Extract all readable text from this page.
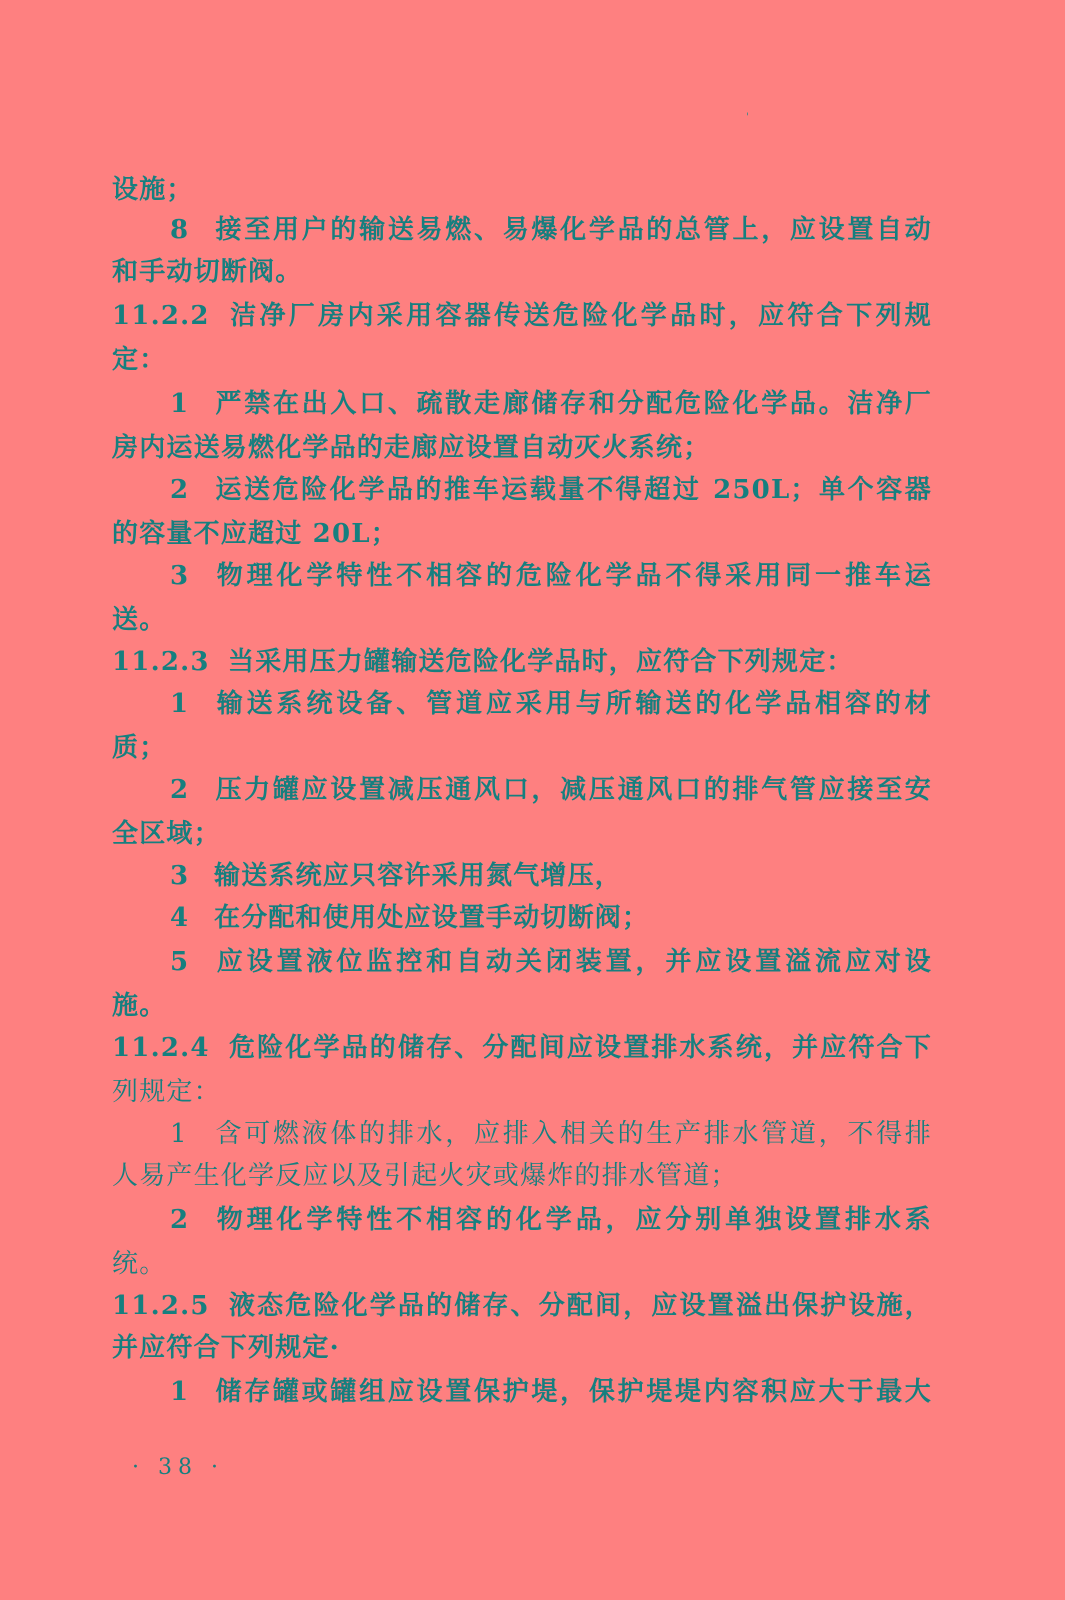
'
设施；
8 接至用户的输送易燃、易爆化学品的总管上，应设置自动
和手动切断阀。
11.2.2 洁净厂房内采用容器传送危险化学品时，应符合下列规
定：
1 严禁在出入口、疏散走廊储存和分配危险化学品。洁净厂
房内运送易燃化学品的走廊应设置自动灭火系统；
2 运送危险化学品的推车运载量不得超过 250L；单个容器
的容量不应超过 20L；
3 物理化学特性不相容的危险化学品不得采用同一推车运
送。
11.2.3 当采用压力罐输送危险化学品时，应符合下列规定：
1 输送系统设备、管道应采用与所输送的化学品相容的材
质；
2 压力罐应设置减压通风口，减压通风口的排气管应接至安
全区域；
3 输送系统应只容许采用氮气增压，
4 在分配和使用处应设置手动切断阀；
5 应设置液位监控和自动关闭装置，并应设置溢流应对设
施。
11.2.4 危险化学品的储存、分配间应设置排水系统，并应符合下
列规定：
1 含可燃液体的排水，应排入相关的生产排水管道，不得排
人易产生化学反应以及引起火灾或爆炸的排水管道；
2 物理化学特性不相容的化学品，应分别单独设置排水系
统。
11.2.5 液态危险化学品的储存、分配间，应设置溢出保护设施，
并应符合下列规定·
1 储存罐或罐组应设置保护堤，保护堤堤内容积应大于最大
· 38 ·
